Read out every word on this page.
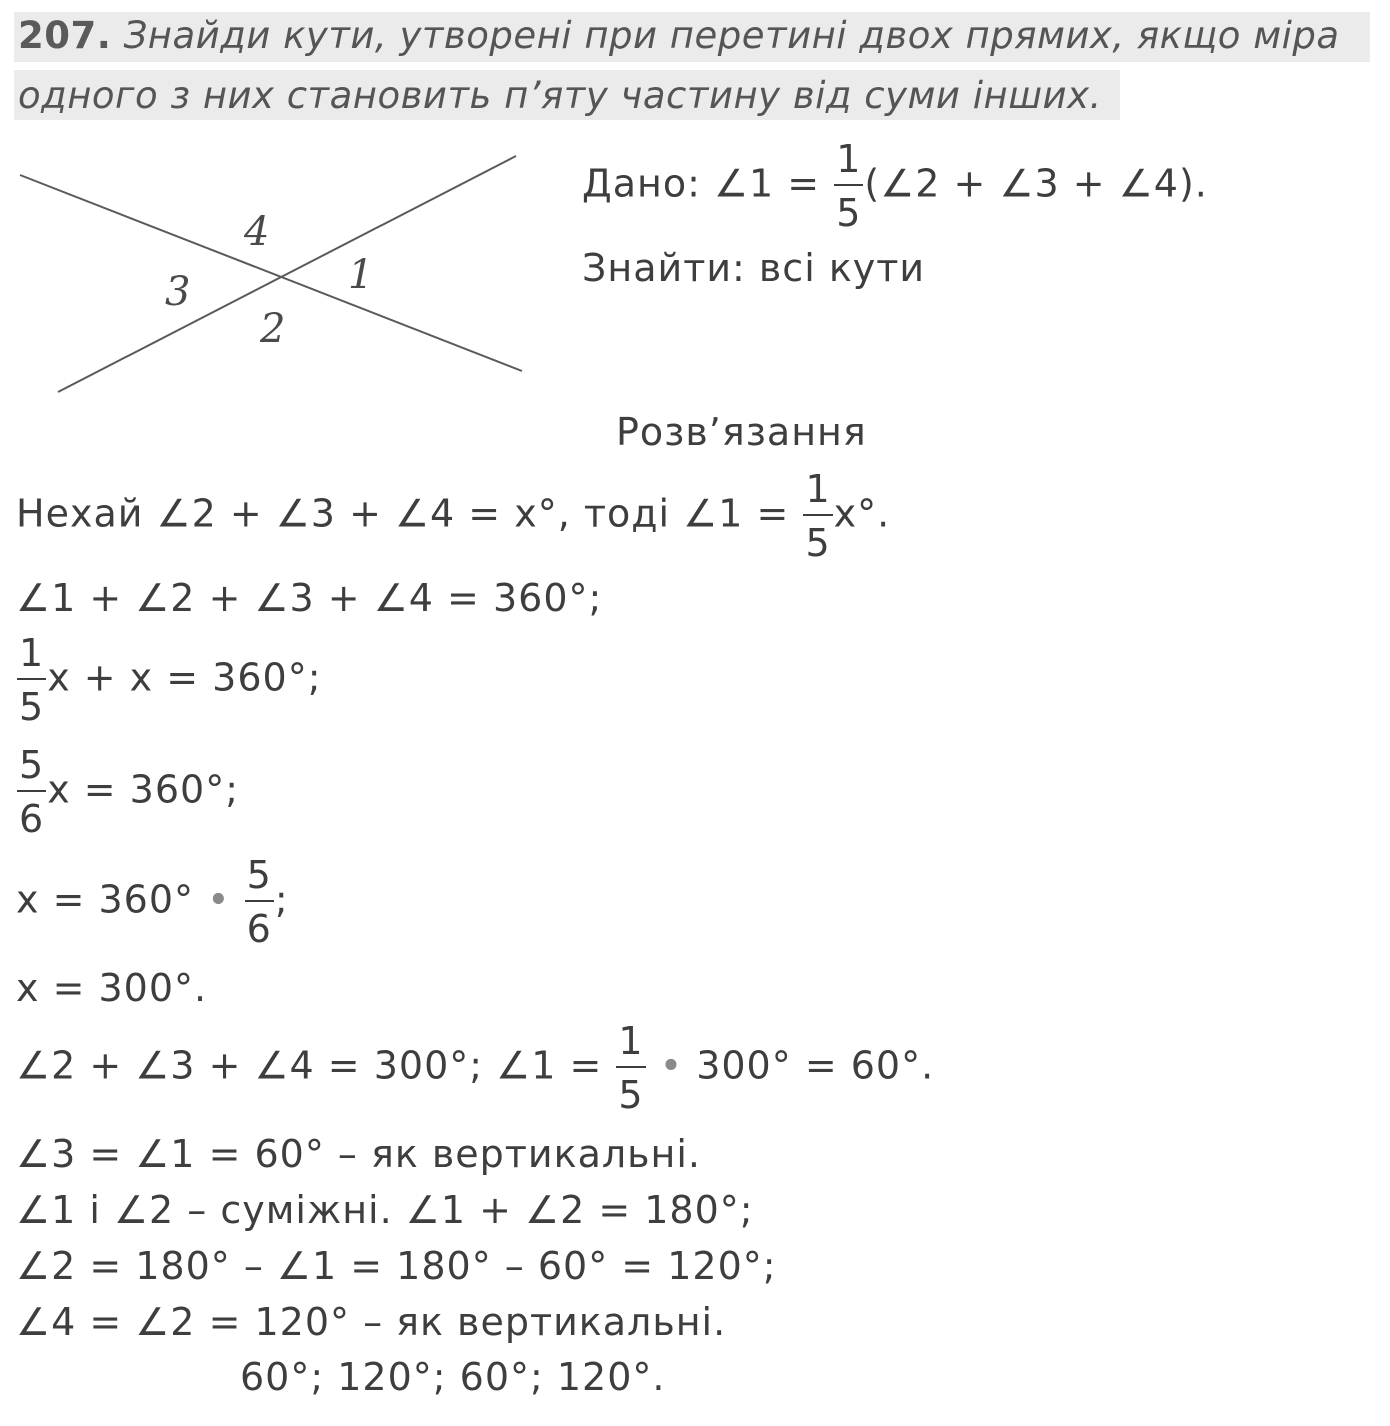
207. Знайди кути, утворені при перетині двох прямих, якщо міра
одного з них становить п’яту частину від суми інших.
1
2
3
4
Дано: ∠1 = $\frac{1}{5}$ (∠2 + ∠3 + ∠4).
Знайти: всі кути
Розв’язання
Нехай ∠2 + ∠3 + ∠4 = x°, тоді ∠1 = $\frac{1}{5} x^\circ$.
∠1 + ∠2 + ∠3 + ∠4 = 360°;
$\frac{1}{5}$ x + x = 360°;
$\frac{5}{6}$ x = 360°;
x = 360° • $\frac{5}{6}$ ;
x = 300°.
∠2 + ∠3 + ∠4 = 300°; ∠1 = $\frac{1}{5}$ • 300° = 60°.
∠3 = ∠1 = 60° – як вертикальні.
∠1 і ∠2 – суміжні. ∠1 + ∠2 = 180°;
∠2 = 180° – ∠1 = 180° – 60° = 120°;
∠4 = ∠2 = 120° – як вертикальні.
60°; 120°; 60°; 120°.
